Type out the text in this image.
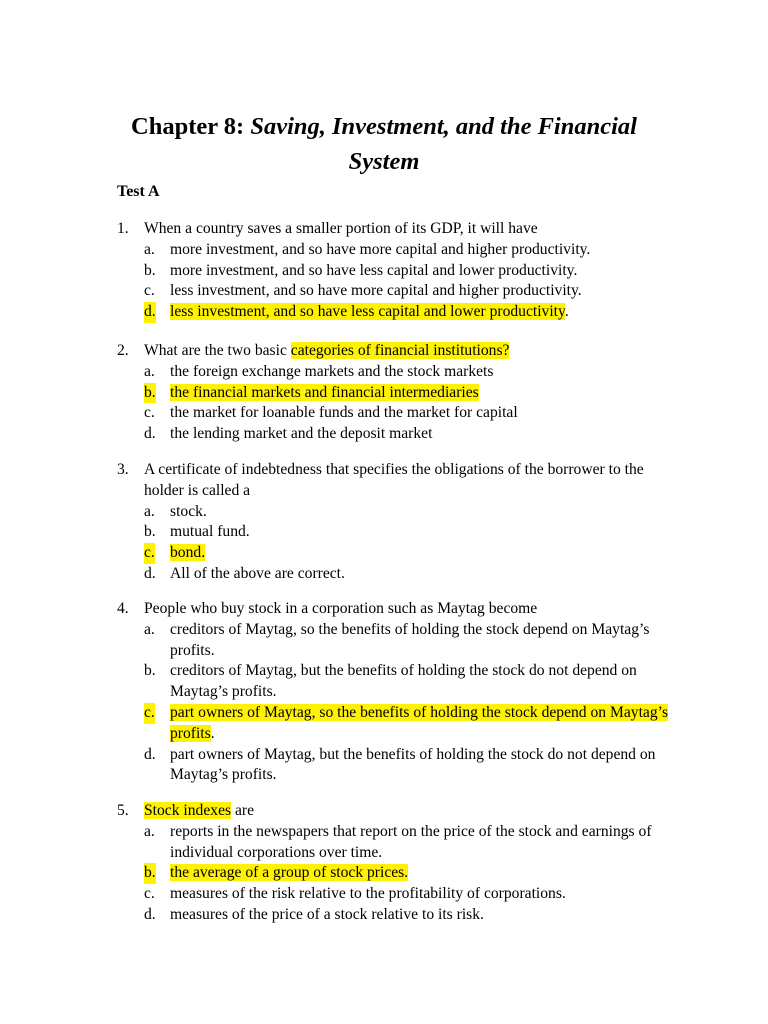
Chapter 8: Saving, Investment, and the Financial System
Test A
1. When a country saves a smaller portion of its GDP, it will have
a. more investment, and so have more capital and higher productivity.
b. more investment, and so have less capital and lower productivity.
c. less investment, and so have more capital and higher productivity.
d. less investment, and so have less capital and lower productivity.
2. What are the two basic categories of financial institutions?
a. the foreign exchange markets and the stock markets
b. the financial markets and financial intermediaries
c. the market for loanable funds and the market for capital
d. the lending market and the deposit market
3. A certificate of indebtedness that specifies the obligations of the borrower to the holder is called a
a. stock.
b. mutual fund.
c. bond.
d. All of the above are correct.
4. People who buy stock in a corporation such as Maytag become
a. creditors of Maytag, so the benefits of holding the stock depend on Maytag’s profits.
b. creditors of Maytag, but the benefits of holding the stock do not depend on Maytag’s profits.
c. part owners of Maytag, so the benefits of holding the stock depend on Maytag’s profits.
d. part owners of Maytag, but the benefits of holding the stock do not depend on Maytag’s profits.
5. Stock indexes are
a. reports in the newspapers that report on the price of the stock and earnings of individual corporations over time.
b. the average of a group of stock prices.
c. measures of the risk relative to the profitability of corporations.
d. measures of the price of a stock relative to its risk.
